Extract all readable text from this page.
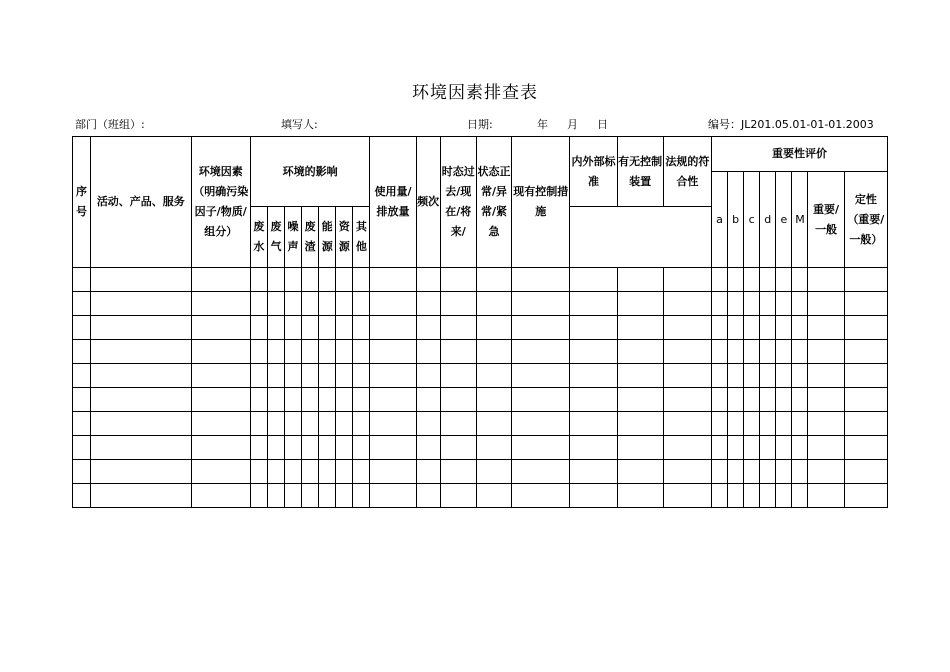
环境因素排查表
部门（班组）:	填写人:	日期:	年 月 日	编号：JL201.05.01-01-01.2003
序号	活动、产品、服务	环境因素（明确污染因子/物质/组分）	环境的影响							使用量/排放量	频次	时态过去/现在/将来/	状态正常/异常/紧急	现有控制措施	内外部标准	有无控制装置	法规的符合性	重要性评价							
																		a	b	c	d	e	M	重要/一般	定性（重要/一般）
			废水	废气	噪声	废渣	能源	资源	其他																
